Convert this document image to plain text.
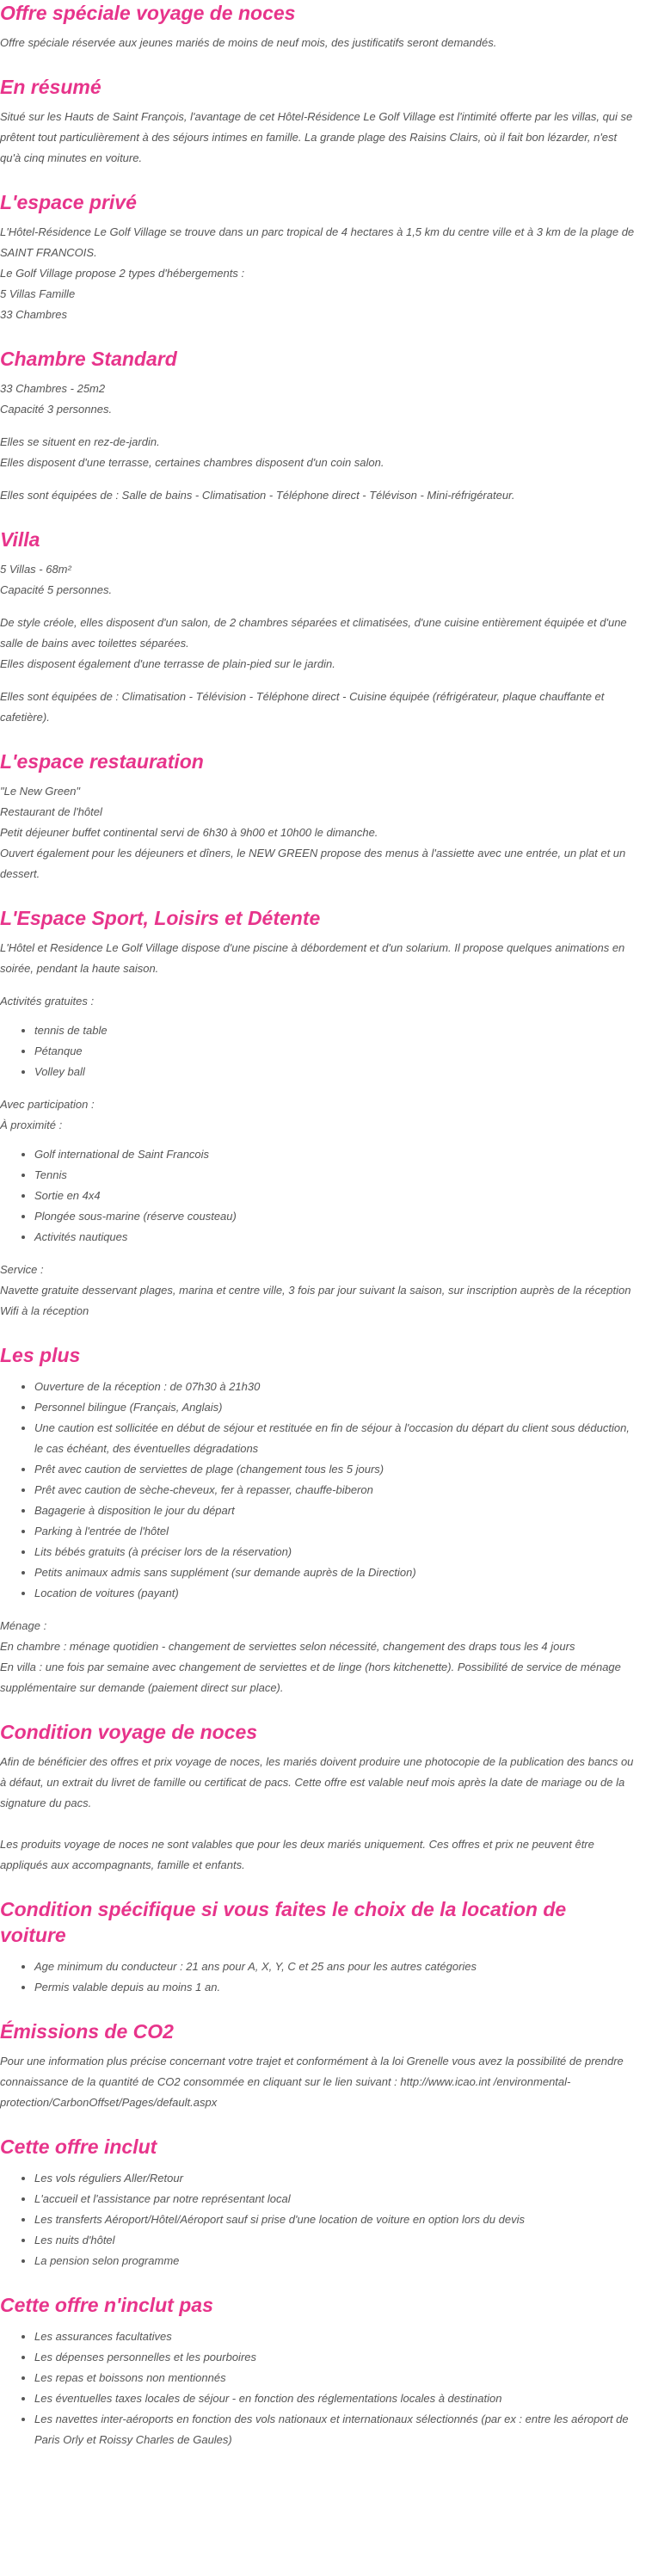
Offre spéciale voyage de noces

Offre spéciale réservée aux jeunes mariés de moins de neuf mois, des justificatifs seront demandés.

En résumé

Situé sur les Hauts de Saint François, l'avantage de cet Hôtel-Résidence Le Golf Village est l'intimité offerte par les villas, qui se prêtent tout particulièrement à des séjours intimes en famille. La grande plage des Raisins Clairs, où il fait bon lézarder, n'est qu'à cinq minutes en voiture.

L'espace privé

L'Hôtel-Résidence Le Golf Village se trouve dans un parc tropical de 4 hectares à 1,5 km du centre ville et à 3 km de la plage de SAINT FRANCOIS.

Le Golf Village propose 2 types d'hébergements :

5 Villas Famille

33 Chambres

Chambre Standard

33 Chambres - 25m2

Capacité 3 personnes.

Elles se situent en rez-de-jardin.

Elles disposent d'une terrasse, certaines chambres disposent d'un coin salon.

Elles sont équipées de : Salle de bains - Climatisation - Téléphone direct - Télévison - Mini-réfrigérateur.

Villa

5 Villas - 68m²

Capacité 5 personnes.

De style créole, elles disposent d'un salon, de 2 chambres séparées et climatisées, d'une cuisine entièrement équipée et d'une salle de bains avec toilettes séparées.

Elles disposent également d'une terrasse de plain-pied sur le jardin.

Elles sont équipées de : Climatisation - Télévision - Téléphone direct - Cuisine équipée (réfrigérateur, plaque chauffante et cafetière).

L'espace restauration

"Le New Green"

Restaurant de l'hôtel

Petit déjeuner buffet continental servi de 6h30 à 9h00 et 10h00 le dimanche.

Ouvert également pour les déjeuners et dîners, le NEW GREEN propose des menus à l'assiette avec une entrée, un plat et un dessert.

L'Espace Sport, Loisirs et Détente

L'Hôtel et Residence Le Golf Village dispose d'une piscine à débordement et d'un solarium. Il propose quelques animations en soirée, pendant la haute saison.

Activités gratuites :

• tennis de table
• Pétanque
• Volley ball

Avec participation :

À proximité :

• Golf international de Saint Francois
• Tennis
• Sortie en 4x4
• Plongée sous-marine (réserve cousteau)
• Activités nautiques

Service :

Navette gratuite desservant plages, marina et centre ville, 3 fois par jour suivant la saison, sur inscription auprès de la réception

Wifi à la réception

Les plus
• Ouverture de la réception : de 07h30 à 21h30
• Personnel bilingue (Français, Anglais)
• Une caution est sollicitée en début de séjour et restituée en fin de séjour à l'occasion du départ du client sous déduction, le cas échéant, des éventuelles dégradations
• Prêt avec caution de serviettes de plage (changement tous les 5 jours)
• Prêt avec caution de sèche-cheveux, fer à repasser, chauffe-biberon
• Bagagerie à disposition le jour du départ
• Parking à l'entrée de l'hôtel
• Lits bébés gratuits (à préciser lors de la réservation)
• Petits animaux admis sans supplément (sur demande auprès de la Direction)
• Location de voitures (payant)

Ménage :

En chambre : ménage quotidien - changement de serviettes selon nécessité, changement des draps tous les 4 jours

En villa : une fois par semaine avec changement de serviettes et de linge (hors kitchenette). Possibilité de service de ménage supplémentaire sur demande (paiement direct sur place).

Condition voyage de noces

Afin de bénéficier des offres et prix voyage de noces, les mariés doivent produire une photocopie de la publication des bancs ou à défaut, un extrait du livret de famille ou certificat de pacs. Cette offre est valable neuf mois après la date de mariage ou de la signature du pacs.

Les produits voyage de noces ne sont valables que pour les deux mariés uniquement. Ces offres et prix ne peuvent être appliqués aux accompagnants, famille et enfants.

Condition spécifique si vous faites le choix de la location de voiture
• Age minimum du conducteur : 21 ans pour A, X, Y, C et 25 ans pour les autres catégories
• Permis valable depuis au moins 1 an.
Émissions de CO2

Pour une information plus précise concernant votre trajet et conformément à la loi Grenelle vous avez la possibilité de prendre connaissance de la quantité de CO2 consommée en cliquant sur le lien suivant : http://www.icao.int /environmental-protection/CarbonOffset/Pages/default.aspx

Cette offre inclut
• Les vols réguliers Aller/Retour
• L'accueil et l'assistance par notre représentant local
• Les transferts Aéroport/Hôtel/Aéroport sauf si prise d'une location de voiture en option lors du devis
• Les nuits d'hôtel
• La pension selon programme
Cette offre n'inclut pas
• Les assurances facultatives
• Les dépenses personnelles et les pourboires
• Les repas et boissons non mentionnés
• Les éventuelles taxes locales de séjour - en fonction des réglementations locales à destination
• Les navettes inter-aéroports en fonction des vols nationaux et internationaux sélectionnés (par ex : entre les aéroport de Paris Orly et Roissy Charles de Gaules)
